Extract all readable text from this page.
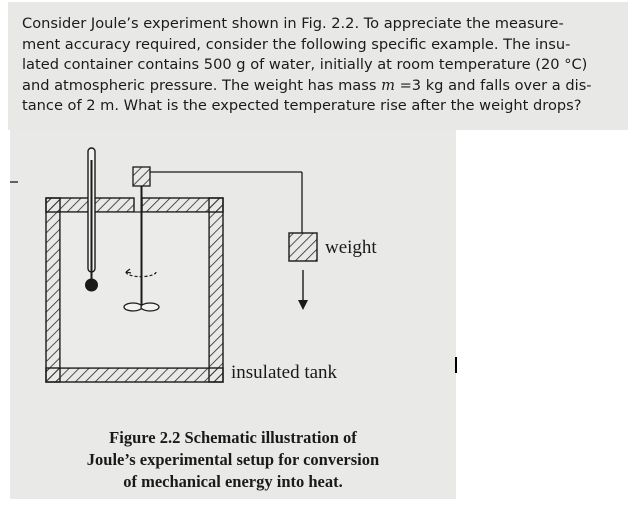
Consider Joule’s experiment shown in Fig. 2.2. To appreciate the measure-
ment accuracy required, consider the following specific example. The insu-
lated container contains 500 g of water, initially at room temperature (20 °C)
and atmospheric pressure. The weight has mass m =3 kg and falls over a dis-
tance of 2 m. What is the expected temperature rise after the weight drops?

weight
insulated tank
Figure 2.2 Schematic illustration of
Joule’s experimental setup for conversion
of mechanical energy into heat.
